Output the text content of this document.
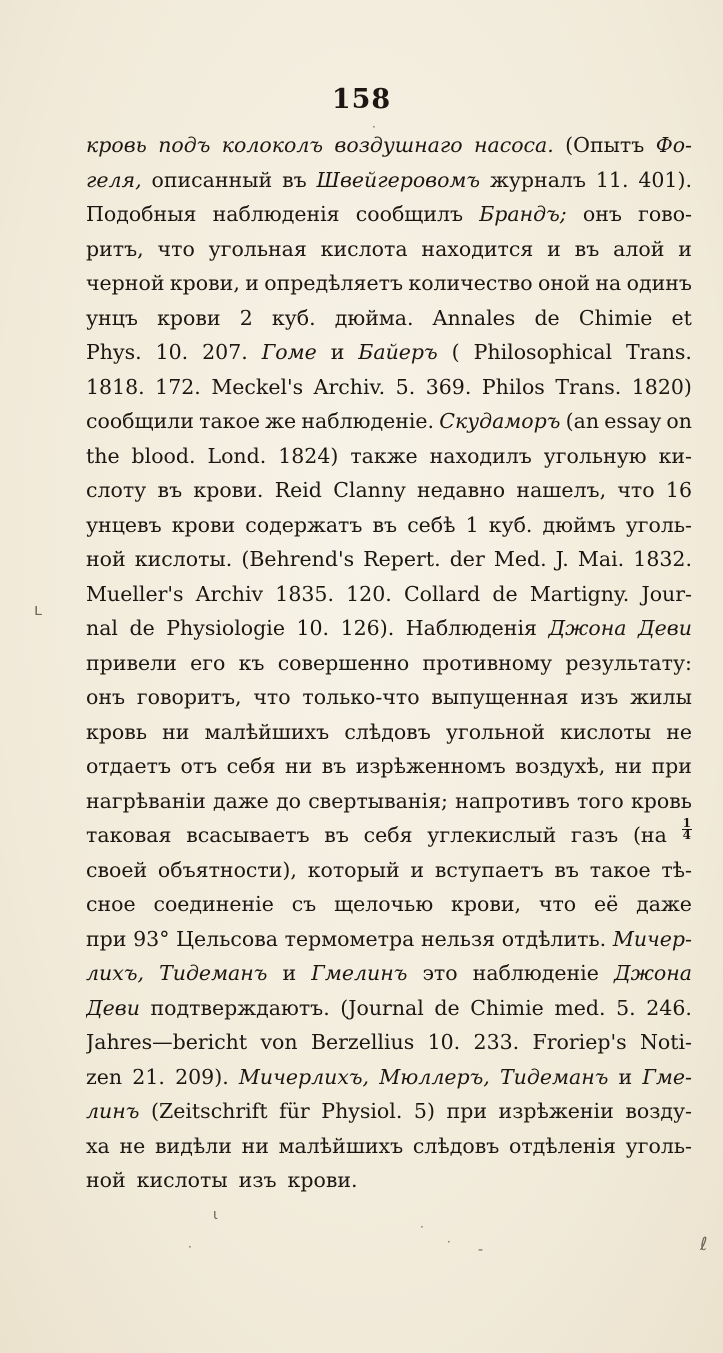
158
кровь подъ колоколъ воздушнаго насоса. (Опытъ Фо-
геля, описанный въ Швейгеровомъ журналъ 11. 401).
Подобныя наблюденія сообщилъ Брандъ; онъ гово-
ритъ, что угольная кислота находится и въ алой и
черной крови, и опредѣляетъ количество оной на одинъ
унцъ крови 2 куб. дюйма. Annales de Chimie et
Phys. 10. 207. Гоме и Байеръ ( Philosophical Trans.
1818. 172. Meckel's Archiv. 5. 369. Philos Trans. 1820)
сообщили такое же наблюденіе. Скудаморъ (an essay on
the blood. Lond. 1824) также находилъ угольную ки-
слоту въ крови. Reid Clanny недавно нашелъ, что 16
унцевъ крови содержатъ въ себѣ 1 куб. дюймъ уголь-
ной кислоты. (Behrend's Repert. der Med. J. Mai. 1832.
Mueller's Archiv 1835. 120. Collard de Martigny. Jour-
nal de Physiologie 10. 126). Наблюденія Джона Деви
привели его къ совершенно противному результату:
онъ говоритъ, что только-что выпущенная изъ жилы
кровь ни малѣйшихъ слѣдовъ угольной кислоты не
отдаетъ отъ себя ни въ изрѣженномъ воздухѣ, ни при
нагрѣваніи даже до свертыванія; напротивъ того кровь
таковая всасываетъ въ себя углекислый газъ ($на \frac{1}{4}$
своей объятности), который и вступаетъ въ такое тѣ-
сное соединеніе съ щелочью крови, что её даже
при 93° Цельсова термометра нельзя отдѣлить. Мичер-
лихъ, Тидеманъ и Гмелинъ это наблюденіе Джона
Деви подтверждаютъ. (Journal de Chimie med. 5. 246.
Jahres—bericht von Berzellius 10. 233. Froriep's Noti-
zen 21. 209). Мичерлихъ, Мюллеръ, Тидеманъ и Гме-
линъ (Zeitschrift für Physiol. 5) при изрѣженіи возду-
ха не видѣли ни малѣйшихъ слѣдовъ отдѣленія уголь-
ной кислоты изъ крови.
·
ʟ
ɩ
·
·
· -	ℓ
